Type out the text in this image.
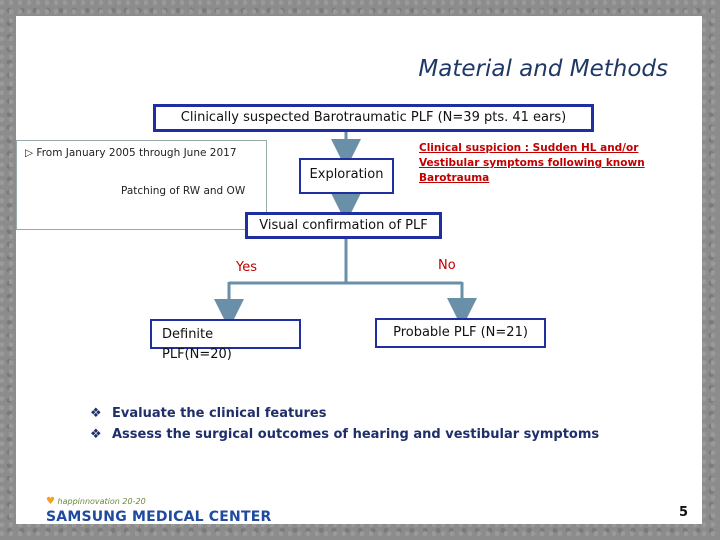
Material and Methods
▷ From January 2005 through June 2017
Patching of RW and OW
Clinically suspected Barotraumatic PLF (N=39 pts. 41 ears)
Exploration
Clinical suspicion : Sudden HL and/or Vestibular symptoms following known Barotrauma
Visual confirmation of PLF
Yes	No
Definite
PLF(N=20)
Probable PLF (N=21)
❖ Evaluate the clinical features
❖ Assess the surgical outcomes of hearing and vestibular symptoms
♥ happinnovation 20-20
SAMSUNG MEDICAL CENTER	5
